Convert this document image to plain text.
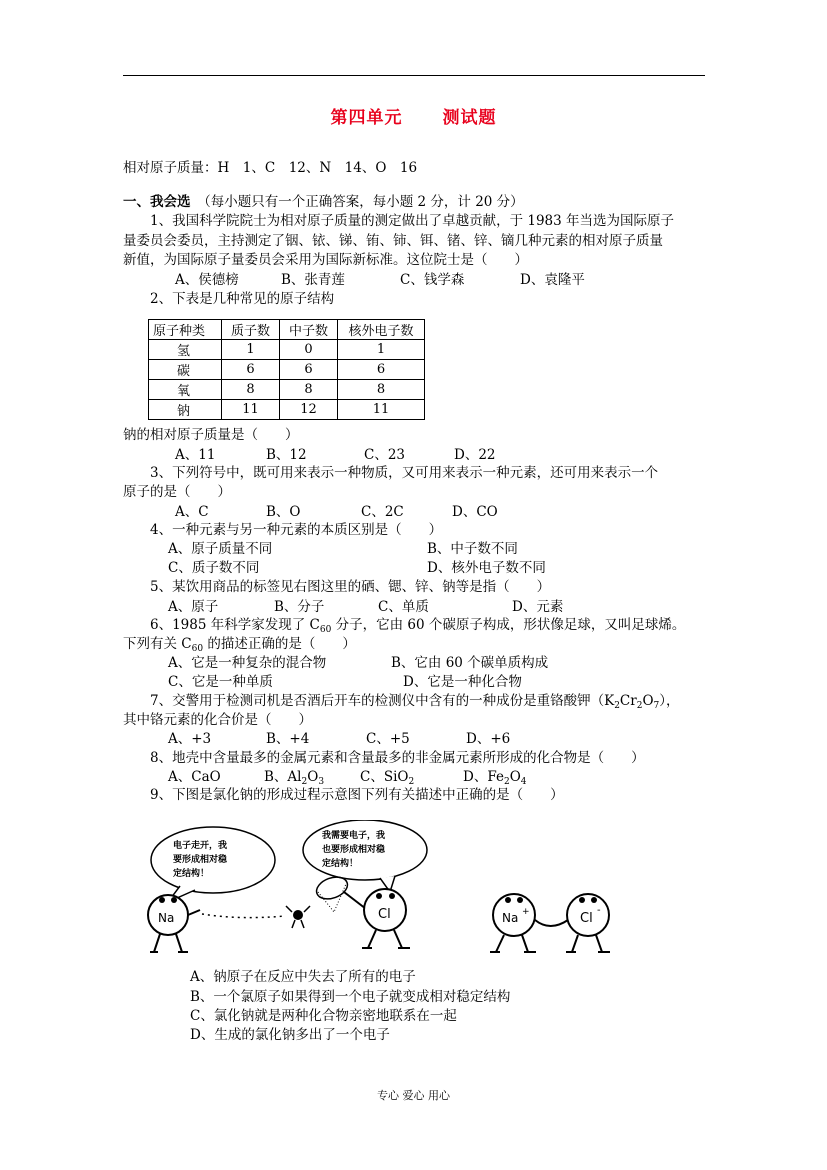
第四单元 测试题
相对原子质量：H　1、C　12、N　14、O　16
一、我会选　 （每小题只有一个正确答案，每小题 2 分，计 20 分）
1、我国科学院院士为相对原子质量的测定做出了卓越贡献，于 1983 年当选为国际原子
量委员会委员，主持测定了铟、铱、锑、铕、铈、铒、锗、锌、镝几种元素的相对原子质量
新值，为国际原子量委员会采用为国际新标准。这位院士是（　　）
A、侯德榜	B、张青莲	C、钱学森	D、袁隆平
2、下表是几种常见的原子结构
原子种类	质子数	中子数	核外电子数
氢	1	0	1
碳	6	6	6
氧	8	8	8
钠	11	12	11
钠的相对原子质量是（　　）
A、11	B、12	C、23	D、22
3、下列符号中，既可用来表示一种物质，又可用来表示一种元素，还可用来表示一个
原子的是（　　）
A、C	B、O	C、2C	D、CO
4、一种元素与另一种元素的本质区别是（　　）
A、原子质量不同	B、中子数不同
C、质子数不同	D、核外电子数不同
5、某饮用商品的标签见右图这里的硒、锶、锌、钠等是指（　　）
A、原子	B、分子	C、单质	D、元素
6、1985 年科学家发现了 $C_{60}$ 分子，它由 60 个碳原子构成，形状像足球，又叫足球烯。
下列有关 $C_{60}$ 的描述正确的是（　　）
A、它是一种复杂的混合物	B、它由 60 个碳单质构成
C、它是一种单质	D、它是一种化合物
7、交警用于检测司机是否酒后开车的检测仪中含有的一种成份是重铬酸钾$(K_2Cr_2O_7)$，
其中铬元素的化合价是（　　）
A、+3	B、+4	C、+5	D、+6
8、地壳中含量最多的金属元素和含量最多的非金属元素所形成的化合物是（　　）
A、CaO	B、$Al_2O_3$	C、SiO$_2$	D、$Fe_2O_4$
9、下图是氯化钠的形成过程示意图下列有关描述中正确的是（　　）
电子走开，我
要形成相对稳
定结构！
我需要电子，我
也要形成相对稳
定结构！
Na	Cl	Na +	Cl
-
A、钠原子在反应中失去了所有的电子
B、一个氯原子如果得到一个电子就变成相对稳定结构
C、氯化钠就是两种化合物亲密地联系在一起
D、生成的氯化钠多出了一个电子
专心 爱心 用心
